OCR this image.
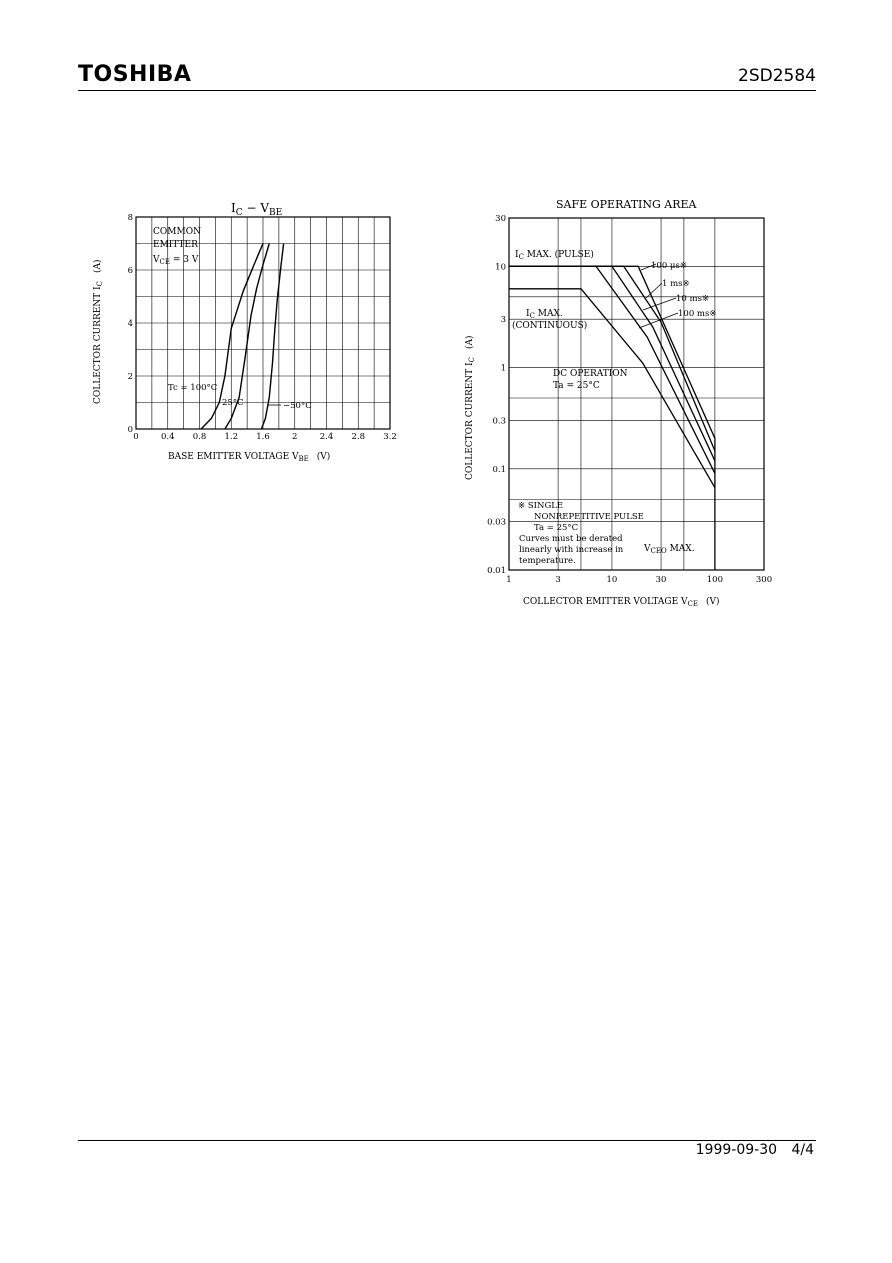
TOSHIBA	2SD2584
$I_C - V_{BE}$
0	0.4 0.8 1.2 1.6	2	2.4 2.8 3.2
0
2
4
6
8
COMMON
EMITTER
$V_{CE} = 3$ V
Tc = 100°C
25°C	−50°C
BASE EMITTER VOLTAGE $V_{BE}$ (V)
COLLECTOR CURRENT $I_C(A)$
SAFE OPERATING AREA
1	3	10	30	100	300
0.01
0.03
0.1
0.3
1
3
10
30
$I_C$ MAX. (PULSE)
$I_C$ MAX.
(CONTINUOUS)
DC OPERATION
Ta = 25°C
100 μs※
1 ms※
10 ms※
100 ms※
※ SINGLE
NONREPETITIVE PULSE
Ta = 25°C
Curves must be derated
linearly with increase in
temperature.
$V_{CEO}$ MAX.
COLLECTOR EMITTER VOLTAGE $V_{CE}$ (V)
COLLECTOR CURRENT $I_C(A)$
1999-09-30 4/4
